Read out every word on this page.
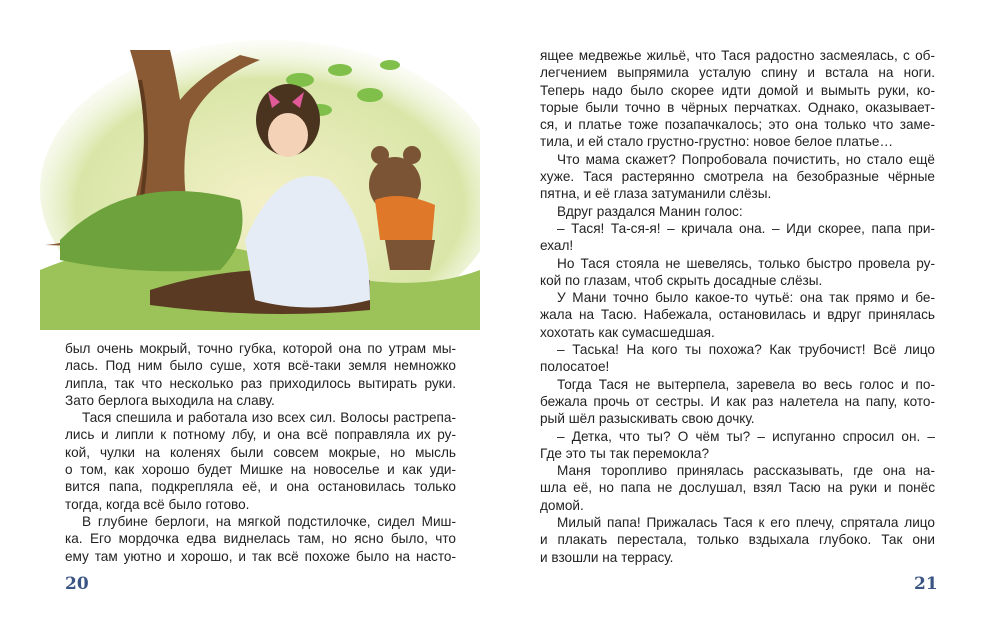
был очень мокрый, точно губка, которой она по утрам мы-
лась. Под ним было суше, хотя всё-таки земля немножко
липла, так что несколько раз приходилось вытирать руки.
Зато берлога выходила на славу.
Тася спешила и работала изо всех сил. Волосы растрепа-
лись и липли к потному лбу, и она всё поправляла их ру-
кой, чулки на коленях были совсем мокрые, но мысль
о том, как хорошо будет Мишке на новоселье и как уди-
вится папа, подкрепляла её, и она остановилась только
тогда, когда всё было готово.
В глубине берлоги, на мягкой подстилочке, сидел Миш-
ка. Его мордочка едва виднелась там, но ясно было, что
ему там уютно и хорошо, и так всё похоже было на насто-
20
ящее медвежье жильё, что Тася радостно засмеялась, с об-
легчением выпрямила усталую спину и встала на ноги.
Теперь надо было скорее идти домой и вымыть руки, ко-
торые были точно в чёрных перчатках. Однако, оказывает-
ся, и платье тоже позапачкалось; это она только что заме-
тила, и ей стало грустно-грустно: новое белое платье…
Что мама скажет? Попробовала почистить, но стало ещё
хуже. Тася растерянно смотрела на безобразные чёрные
пятна, и её глаза затуманили слёзы.
Вдруг раздался Манин голос:
– Тася! Та-ся-я! – кричала она. – Иди скорее, папа при-
ехал!
Но Тася стояла не шевелясь, только быстро провела ру-
кой по глазам, чтоб скрыть досадные слёзы.
У Мани точно было какое-то чутьё: она так прямо и бе-
жала на Тасю. Набежала, остановилась и вдруг принялась
хохотать как сумасшедшая.
– Таська! На кого ты похожа? Как трубочист! Всё лицо
полосатое!
Тогда Тася не вытерпела, заревела во весь голос и по-
бежала прочь от сестры. И как раз налетела на папу, кото-
рый шёл разыскивать свою дочку.
– Детка, что ты? О чём ты? – испуганно спросил он. –
Где это ты так перемокла?
Маня торопливо принялась рассказывать, где она на-
шла её, но папа не дослушал, взял Тасю на руки и понёс
домой.
Милый папа! Прижалась Тася к его плечу, спрятала лицо
и плакать перестала, только вздыхала глубоко. Так они
и взошли на террасу.
21
